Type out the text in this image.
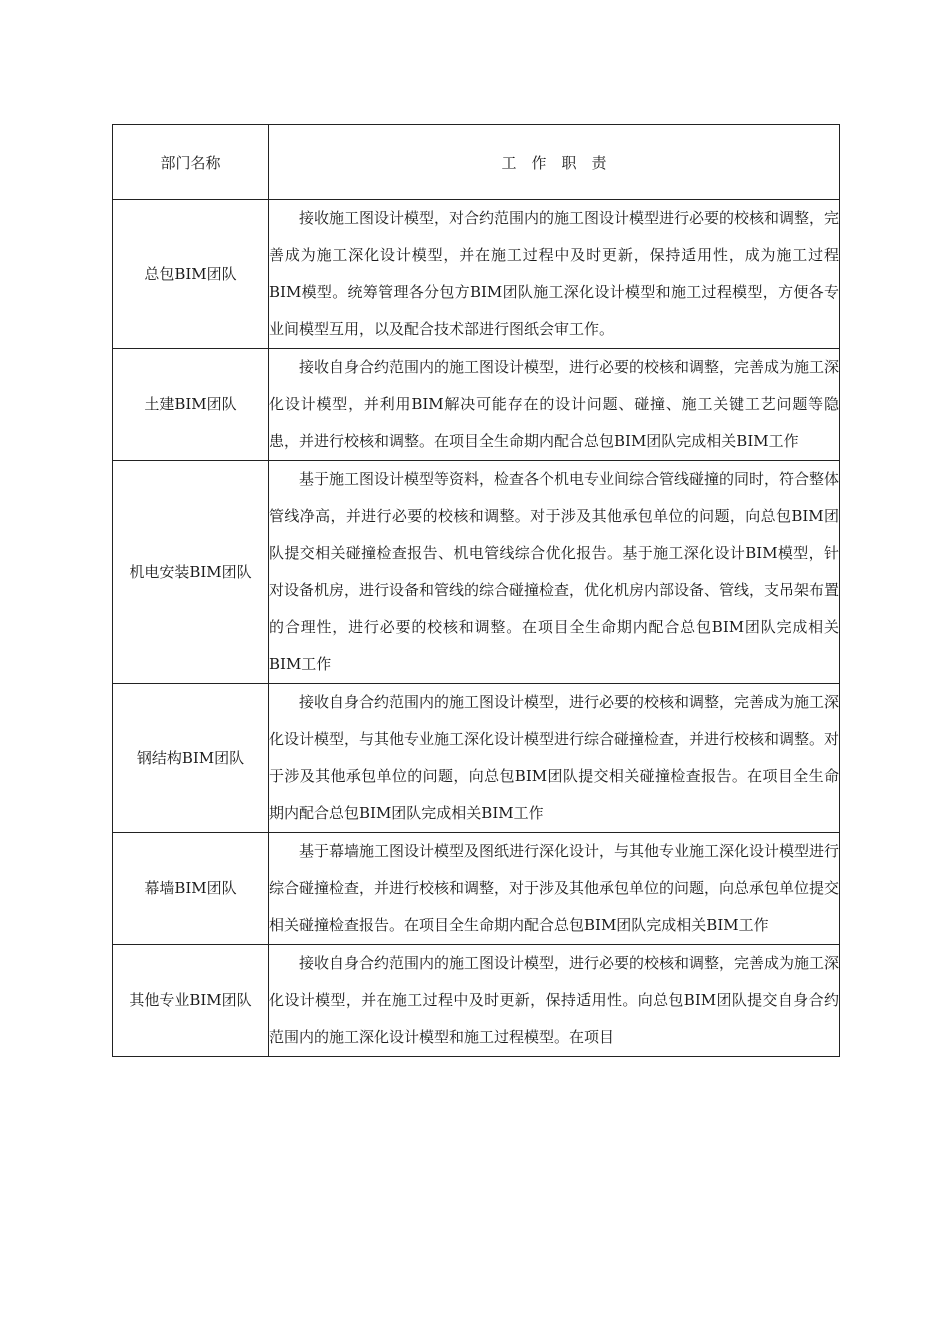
部门名称	工　作　职　责
总包BIM团队	接收施工图设计模型，对合约范围内的施工图设计模型进行必要的校核和调整，完善成为施工深化设计模型，并在施工过程中及时更新，保持适用性，成为施工过程BIM模型。统筹管理各分包方BIM团队施工深化设计模型和施工过程模型，方便各专业间模型互用，以及配合技术部进行图纸会审工作。
土建BIM团队	接收自身合约范围内的施工图设计模型，进行必要的校核和调整，完善成为施工深化设计模型，并利用BIM解决可能存在的设计问题、碰撞、施工关键工艺问题等隐患，并进行校核和调整。在项目全生命期内配合总包BIM团队完成相关BIM工作
机电安装BIM团队	基于施工图设计模型等资料，检查各个机电专业间综合管线碰撞的同时，符合整体管线净高，并进行必要的校核和调整。对于涉及其他承包单位的问题，向总包BIM团队提交相关碰撞检查报告、机电管线综合优化报告。基于施工深化设计BIM模型，针对设备机房，进行设备和管线的综合碰撞检查，优化机房内部设备、管线，支吊架布置的合理性，进行必要的校核和调整。在项目全生命期内配合总包BIM团队完成相关BIM工作
钢结构BIM团队	接收自身合约范围内的施工图设计模型，进行必要的校核和调整，完善成为施工深化设计模型，与其他专业施工深化设计模型进行综合碰撞检查，并进行校核和调整。对于涉及其他承包单位的问题，向总包BIM团队提交相关碰撞检查报告。在项目全生命期内配合总包BIM团队完成相关BIM工作
幕墙BIM团队	基于幕墙施工图设计模型及图纸进行深化设计，与其他专业施工深化设计模型进行综合碰撞检查，并进行校核和调整，对于涉及其他承包单位的问题，向总承包单位提交相关碰撞检查报告。在项目全生命期内配合总包BIM团队完成相关BIM工作
其他专业BIM团队	接收自身合约范围内的施工图设计模型，进行必要的校核和调整，完善成为施工深化设计模型，并在施工过程中及时更新，保持适用性。向总包BIM团队提交自身合约范围内的施工深化设计模型和施工过程模型。在项目
